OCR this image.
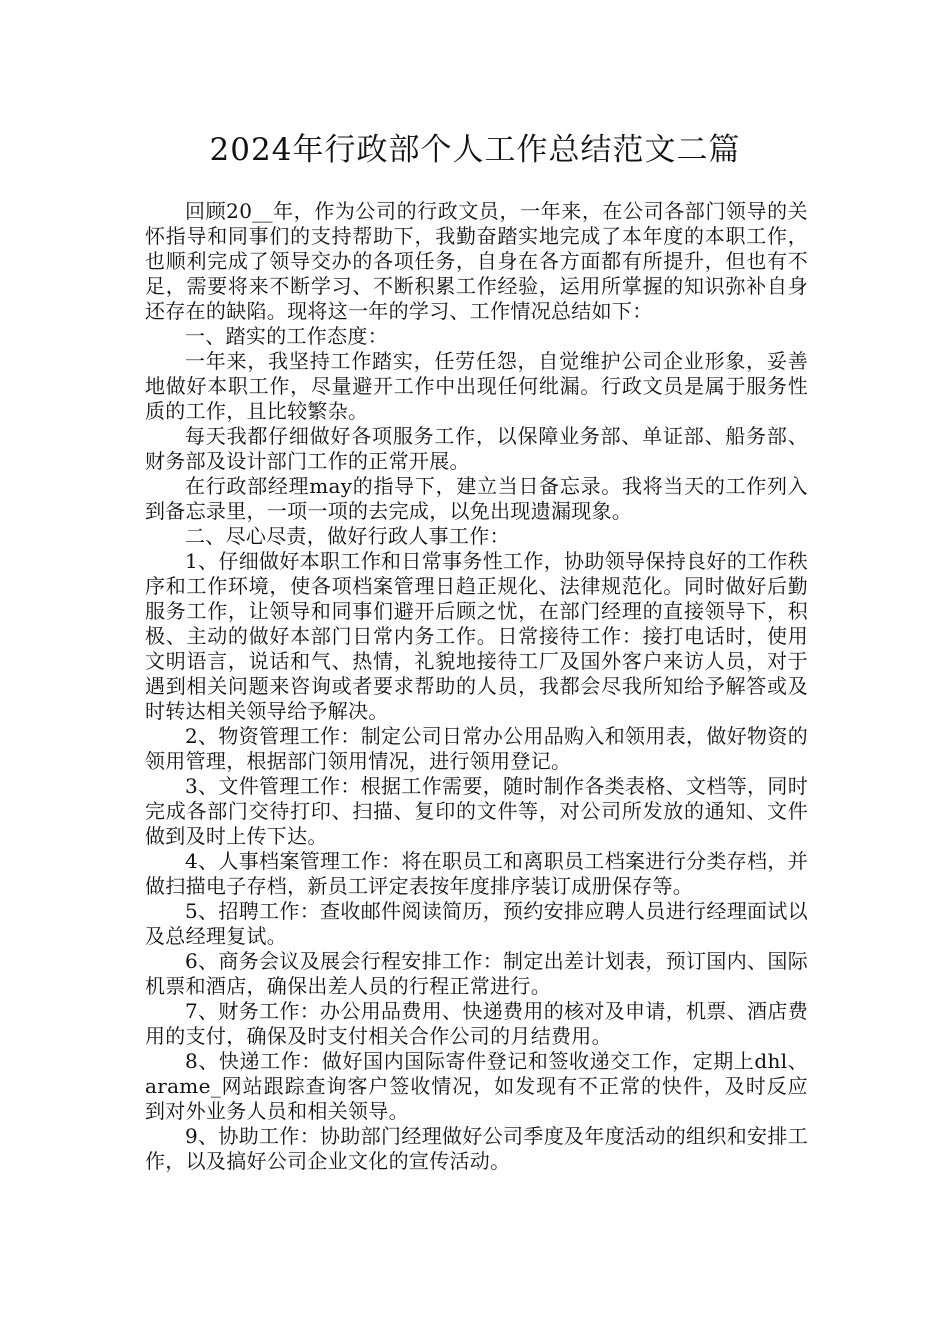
2024年行政部个人工作总结范文二篇

回顾20__年，作为公司的行政文员，一年来，在公司各部门领导的关怀指导和同事们的支持帮助下，我勤奋踏实地完成了本年度的本职工作，也顺利完成了领导交办的各项任务，自身在各方面都有所提升，但也有不足，需要将来不断学习、不断积累工作经验，运用所掌握的知识弥补自身还存在的缺陷。现将这一年的学习、工作情况总结如下：

一、踏实的工作态度：

一年来，我坚持工作踏实，任劳任怨，自觉维护公司企业形象，妥善地做好本职工作，尽量避开工作中出现任何纰漏。行政文员是属于服务性质的工作，且比较繁杂。

每天我都仔细做好各项服务工作，以保障业务部、单证部、船务部、财务部及设计部门工作的正常开展。

在行政部经理may的指导下，建立当日备忘录。我将当天的工作列入到备忘录里，一项一项的去完成，以免出现遗漏现象。

二、尽心尽责，做好行政人事工作：

1、仔细做好本职工作和日常事务性工作，协助领导保持良好的工作秩序和工作环境，使各项档案管理日趋正规化、法律规范化。同时做好后勤服务工作，让领导和同事们避开后顾之忧，在部门经理的直接领导下，积极、主动的做好本部门日常内务工作。日常接待工作：接打电话时，使用文明语言，说话和气、热情，礼貌地接待工厂及国外客户来访人员，对于遇到相关问题来咨询或者要求帮助的人员，我都会尽我所知给予解答或及时转达相关领导给予解决。

2、物资管理工作：制定公司日常办公用品购入和领用表，做好物资的领用管理，根据部门领用情况，进行领用登记。

3、文件管理工作：根据工作需要，随时制作各类表格、文档等，同时完成各部门交待打印、扫描、复印的文件等，对公司所发放的通知、文件做到及时上传下达。

4、人事档案管理工作：将在职员工和离职员工档案进行分类存档，并做扫描电子存档，新员工评定表按年度排序装订成册保存等。

5、招聘工作：查收邮件阅读简历，预约安排应聘人员进行经理面试以及总经理复试。

6、商务会议及展会行程安排工作：制定出差计划表，预订国内、国际机票和酒店，确保出差人员的行程正常进行。

7、财务工作：办公用品费用、快递费用的核对及申请，机票、酒店费用的支付，确保及时支付相关合作公司的月结费用。

8、快递工作：做好国内国际寄件登记和签收递交工作，定期上dhl、arame_网站跟踪查询客户签收情况，如发现有不正常的快件，及时反应到对外业务人员和相关领导。

9、协助工作：协助部门经理做好公司季度及年度活动的组织和安排工作，以及搞好公司企业文化的宣传活动。
